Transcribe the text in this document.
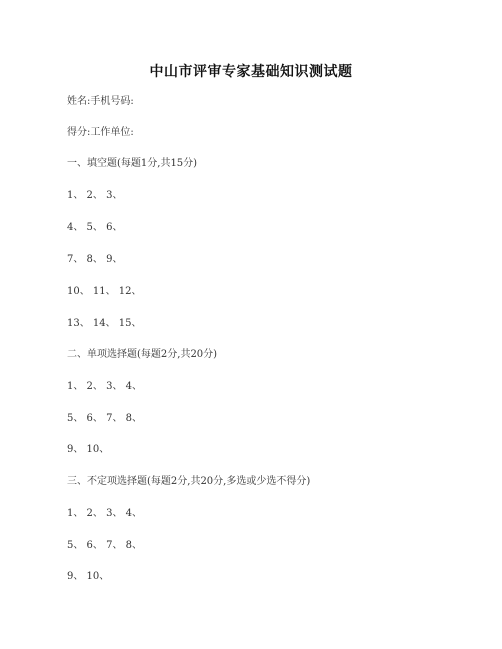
中山市评审专家基础知识测试题
姓名:手机号码:
得分:工作单位:
一、填空题(每题1分,共15分)
1、 2、 3、
4、 5、 6、
7、 8、 9、
10、 11、 12、
13、 14、 15、
二、单项选择题(每题2分,共20分)
1、 2、 3、 4、
5、 6、 7、 8、
9、 10、
三、不定项选择题(每题2分,共20分,多选或少选不得分)
1、 2、 3、 4、
5、 6、 7、 8、
9、 10、
